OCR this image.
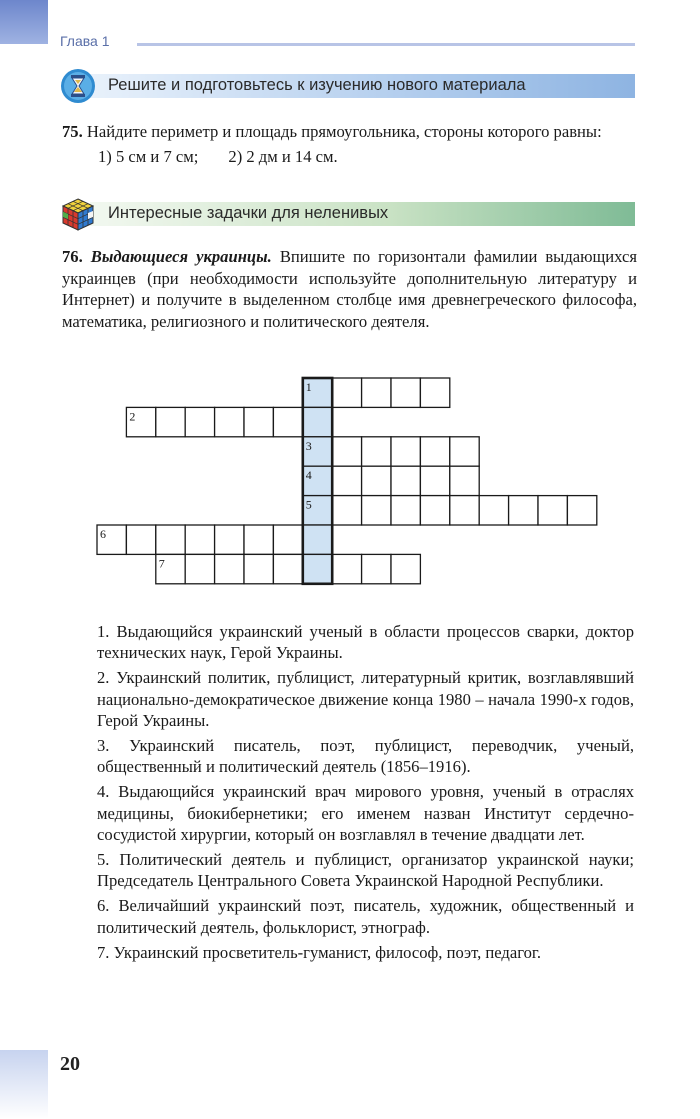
Глава 1
Решите и подготовьтесь к изучению нового материала
75. Найдите периметр и площадь прямоугольника, стороны которого равны:
1) 5 см и 7 см; 2) 2 дм и 14 см.
Интересные задачки для неленивых
76. Выдающиеся украинцы. Впишите по горизонтали фамилии выдающихся украинцев (при необходимости используйте дополнительную литературу и Интернет) и получите в выделенном столбце имя древнегреческого философа, математика, религиозного и политического деятеля.
1
2
3
4
5
6
7

1. Выдающийся украинский ученый в области процессов сварки, доктор технических наук, Герой Украины.

2. Украинский политик, публицист, литературный критик, возглавлявший национально-демократическое движение конца 1980 – начала 1990-х годов, Герой Украины.

3. Украинский писатель, поэт, публицист, переводчик, ученый, общественный и политический деятель (1856–1916).

4. Выдающийся украинский врач мирового уровня, ученый в отраслях медицины, биокибернетики; его именем назван Институт сердечно-сосудистой хирургии, который он возглавлял в течение двадцати лет.

5. Политический деятель и публицист, организатор украинской науки; Председатель Центрального Совета Украинской Народной Республики.

6. Величайший украинский поэт, писатель, художник, общественный и политический деятель, фольклорист, этнограф.

7. Украинский просветитель-гуманист, философ, поэт, педагог.

20
